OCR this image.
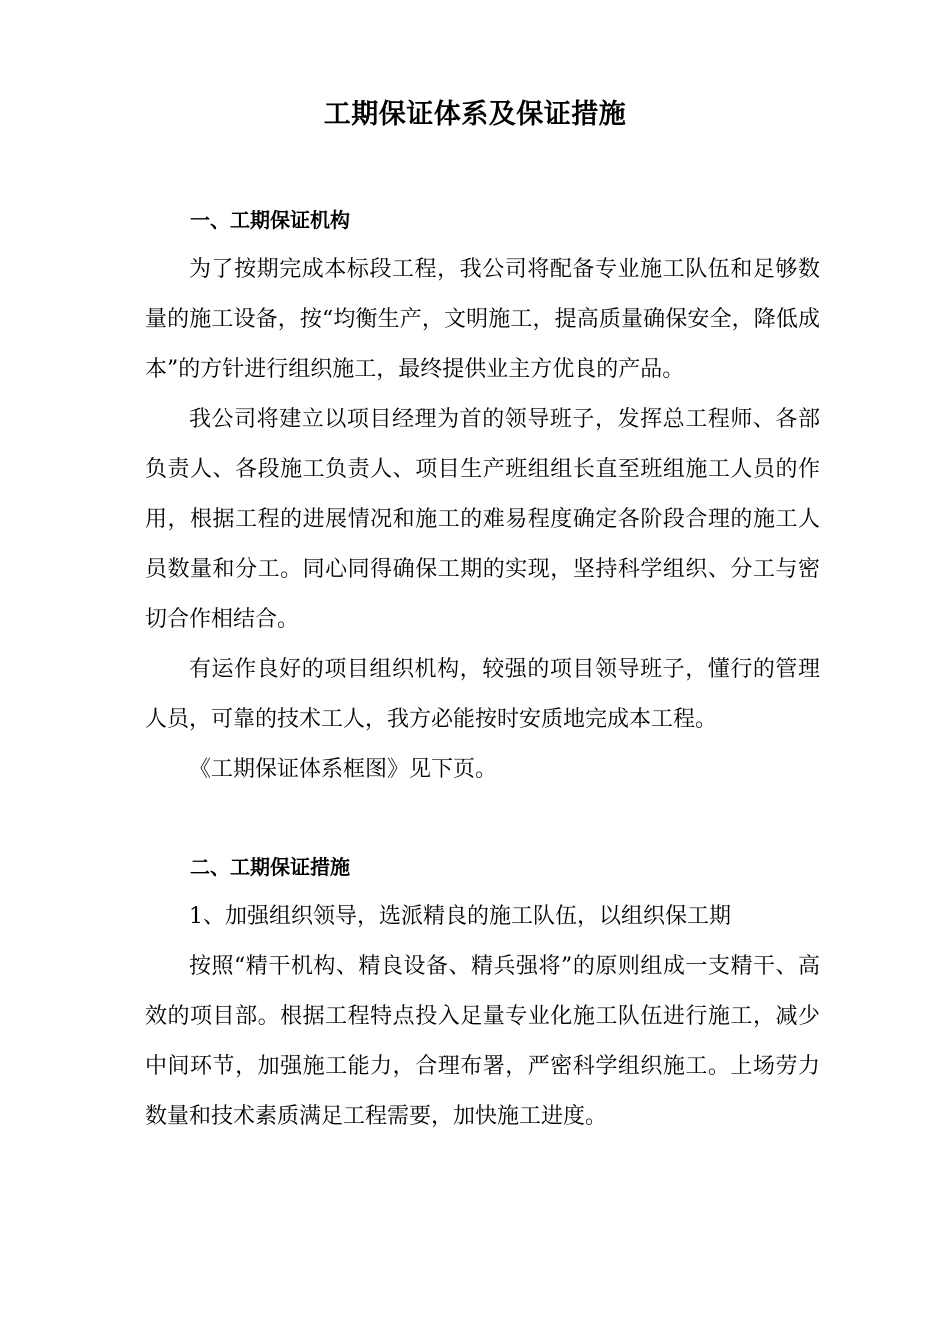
工期保证体系及保证措施
一、工期保证机构

为了按期完成本标段工程，我公司将配备专业施工队伍和足够数量的施工设备，按“均衡生产，文明施工，提高质量确保安全，降低成本”的方针进行组织施工，最终提供业主方优良的产品。

我公司将建立以项目经理为首的领导班子，发挥总工程师、各部负责人、各段施工负责人、项目生产班组组长直至班组施工人员的作用，根据工程的进展情况和施工的难易程度确定各阶段合理的施工人员数量和分工。同心同得确保工期的实现，坚持科学组织、分工与密切合作相结合。

有运作良好的项目组织机构，较强的项目领导班子，懂行的管理人员，可靠的技术工人，我方必能按时安质地完成本工程。

《工期保证体系框图》见下页。

二、工期保证措施

1、加强组织领导，选派精良的施工队伍，以组织保工期

按照“精干机构、精良设备、精兵强将”的原则组成一支精干、高效的项目部。根据工程特点投入足量专业化施工队伍进行施工，减少中间环节，加强施工能力，合理布署，严密科学组织施工。上场劳力数量和技术素质满足工程需要，加快施工进度。
